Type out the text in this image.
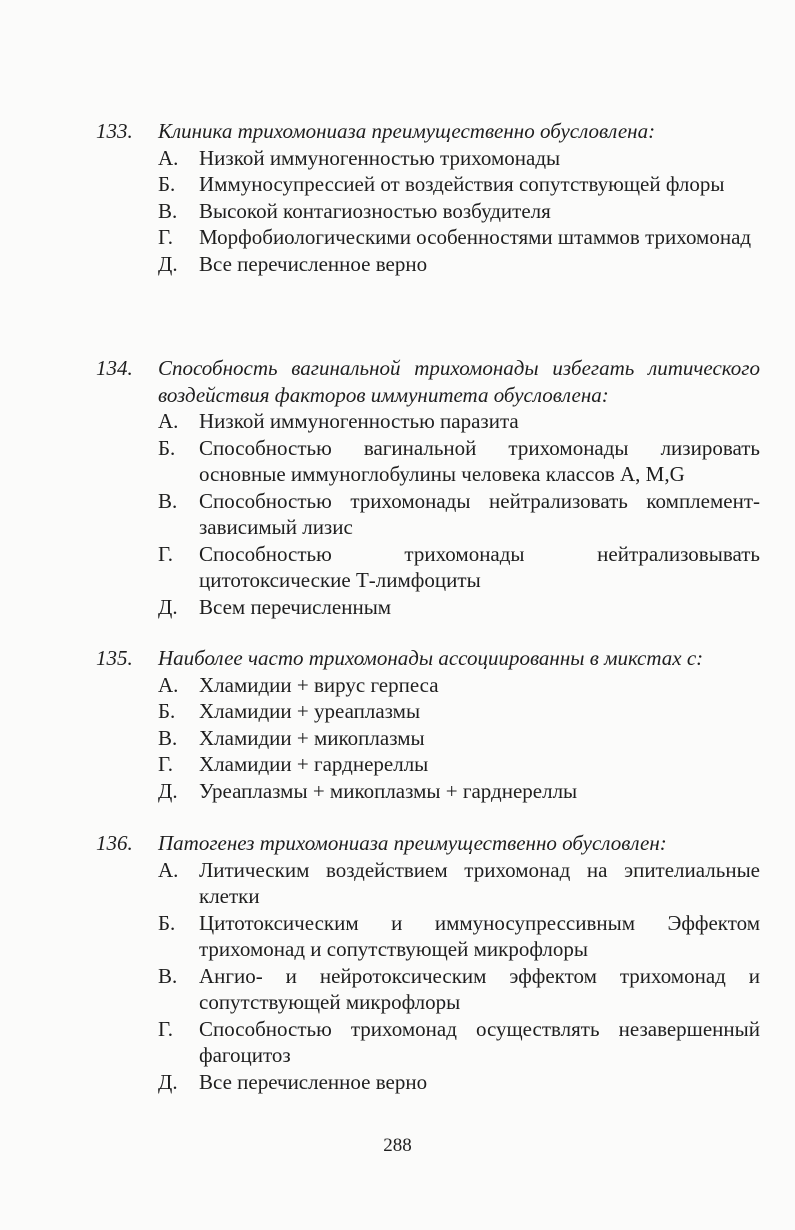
133.	Клиника трихомониаза преимущественно обусловлена:
А. Низкой иммуногенностью трихомонады
Б.	Иммуносупрессией от воздействия сопутствующей флоры
В.	Высокой контагиозностью возбудителя
Г.	Морфобиологическими особенностями штаммов трихомонад
Д.	Все перечисленное верно
134.	Способность вагинальной трихомонады избегать литического воздействия факторов иммунитета обусловлена:
А. Низкой иммуногенностью паразита
Б.	Способностью вагинальной трихомонады лизировать основные иммуноглобулины человека классов A, M,G
В.	Способностью трихомонады нейтрализовать комплемент-зависимый лизис
Г.	Способностью трихомонады нейтрализовывать цитотоксические Т-лимфоциты
Д.	Всем перечисленным
135.	Наиболее часто трихомонады ассоциированны в микстах с:
А. Хламидии + вирус герпеса
Б.	Хламидии + уреаплазмы
В.	Хламидии + микоплазмы
Г.	Хламидии + гарднереллы
Д.	Уреаплазмы + микоплазмы + гарднереллы
136.	Патогенез трихомониаза преимущественно обусловлен:
А. Литическим воздействием трихомонад на эпителиальные клетки
Б.	Цитотоксическим и иммуносупрессивным Эффектом трихомонад и сопутствующей микрофлоры
В.	Ангио- и нейротоксическим эффектом трихомонад и сопутствующей микрофлоры
Г.	Способностью трихомонад осуществлять незавершенный фагоцитоз
Д.	Все перечисленное верно
288
